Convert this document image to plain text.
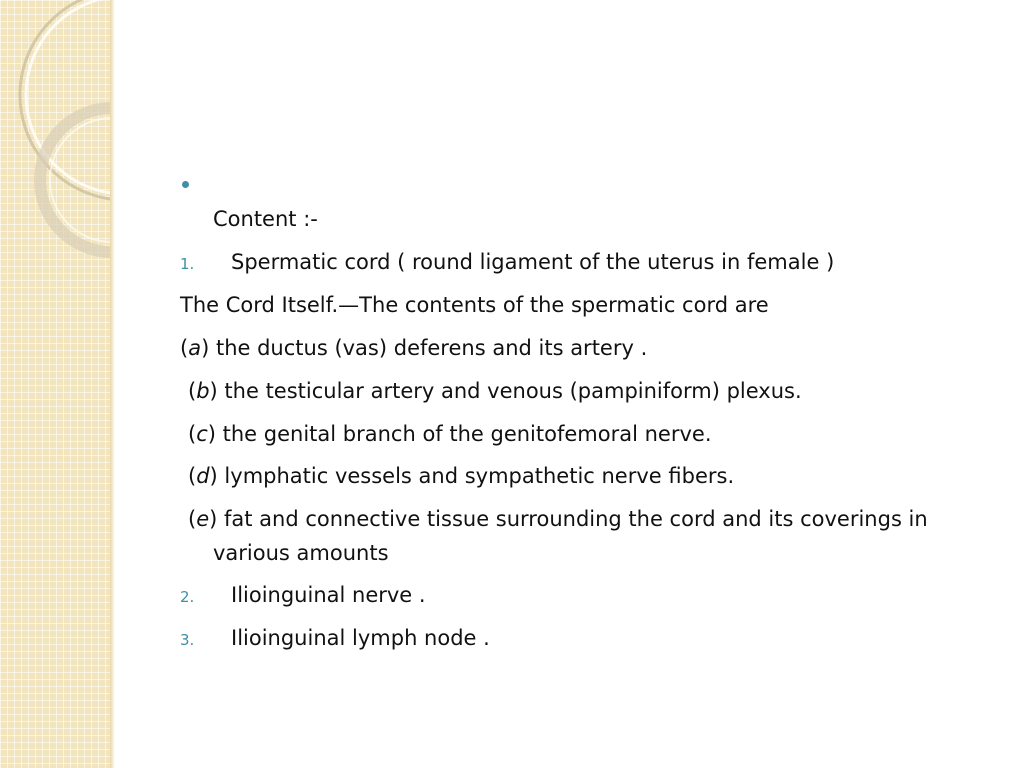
Content :-
1. Spermatic cord ( round ligament of the uterus in female )
The Cord Itself.—The contents of the spermatic cord are
(a) the ductus (vas) deferens and its artery .
(b) the testicular artery and venous (pampiniform) plexus.
(c) the genital branch of the genitofemoral nerve.
(d) lymphatic vessels and sympathetic nerve fibers.
(e) fat and connective tissue surrounding the cord and its coverings in
various amounts
2. Ilioinguinal nerve .
3. Ilioinguinal lymph node .
